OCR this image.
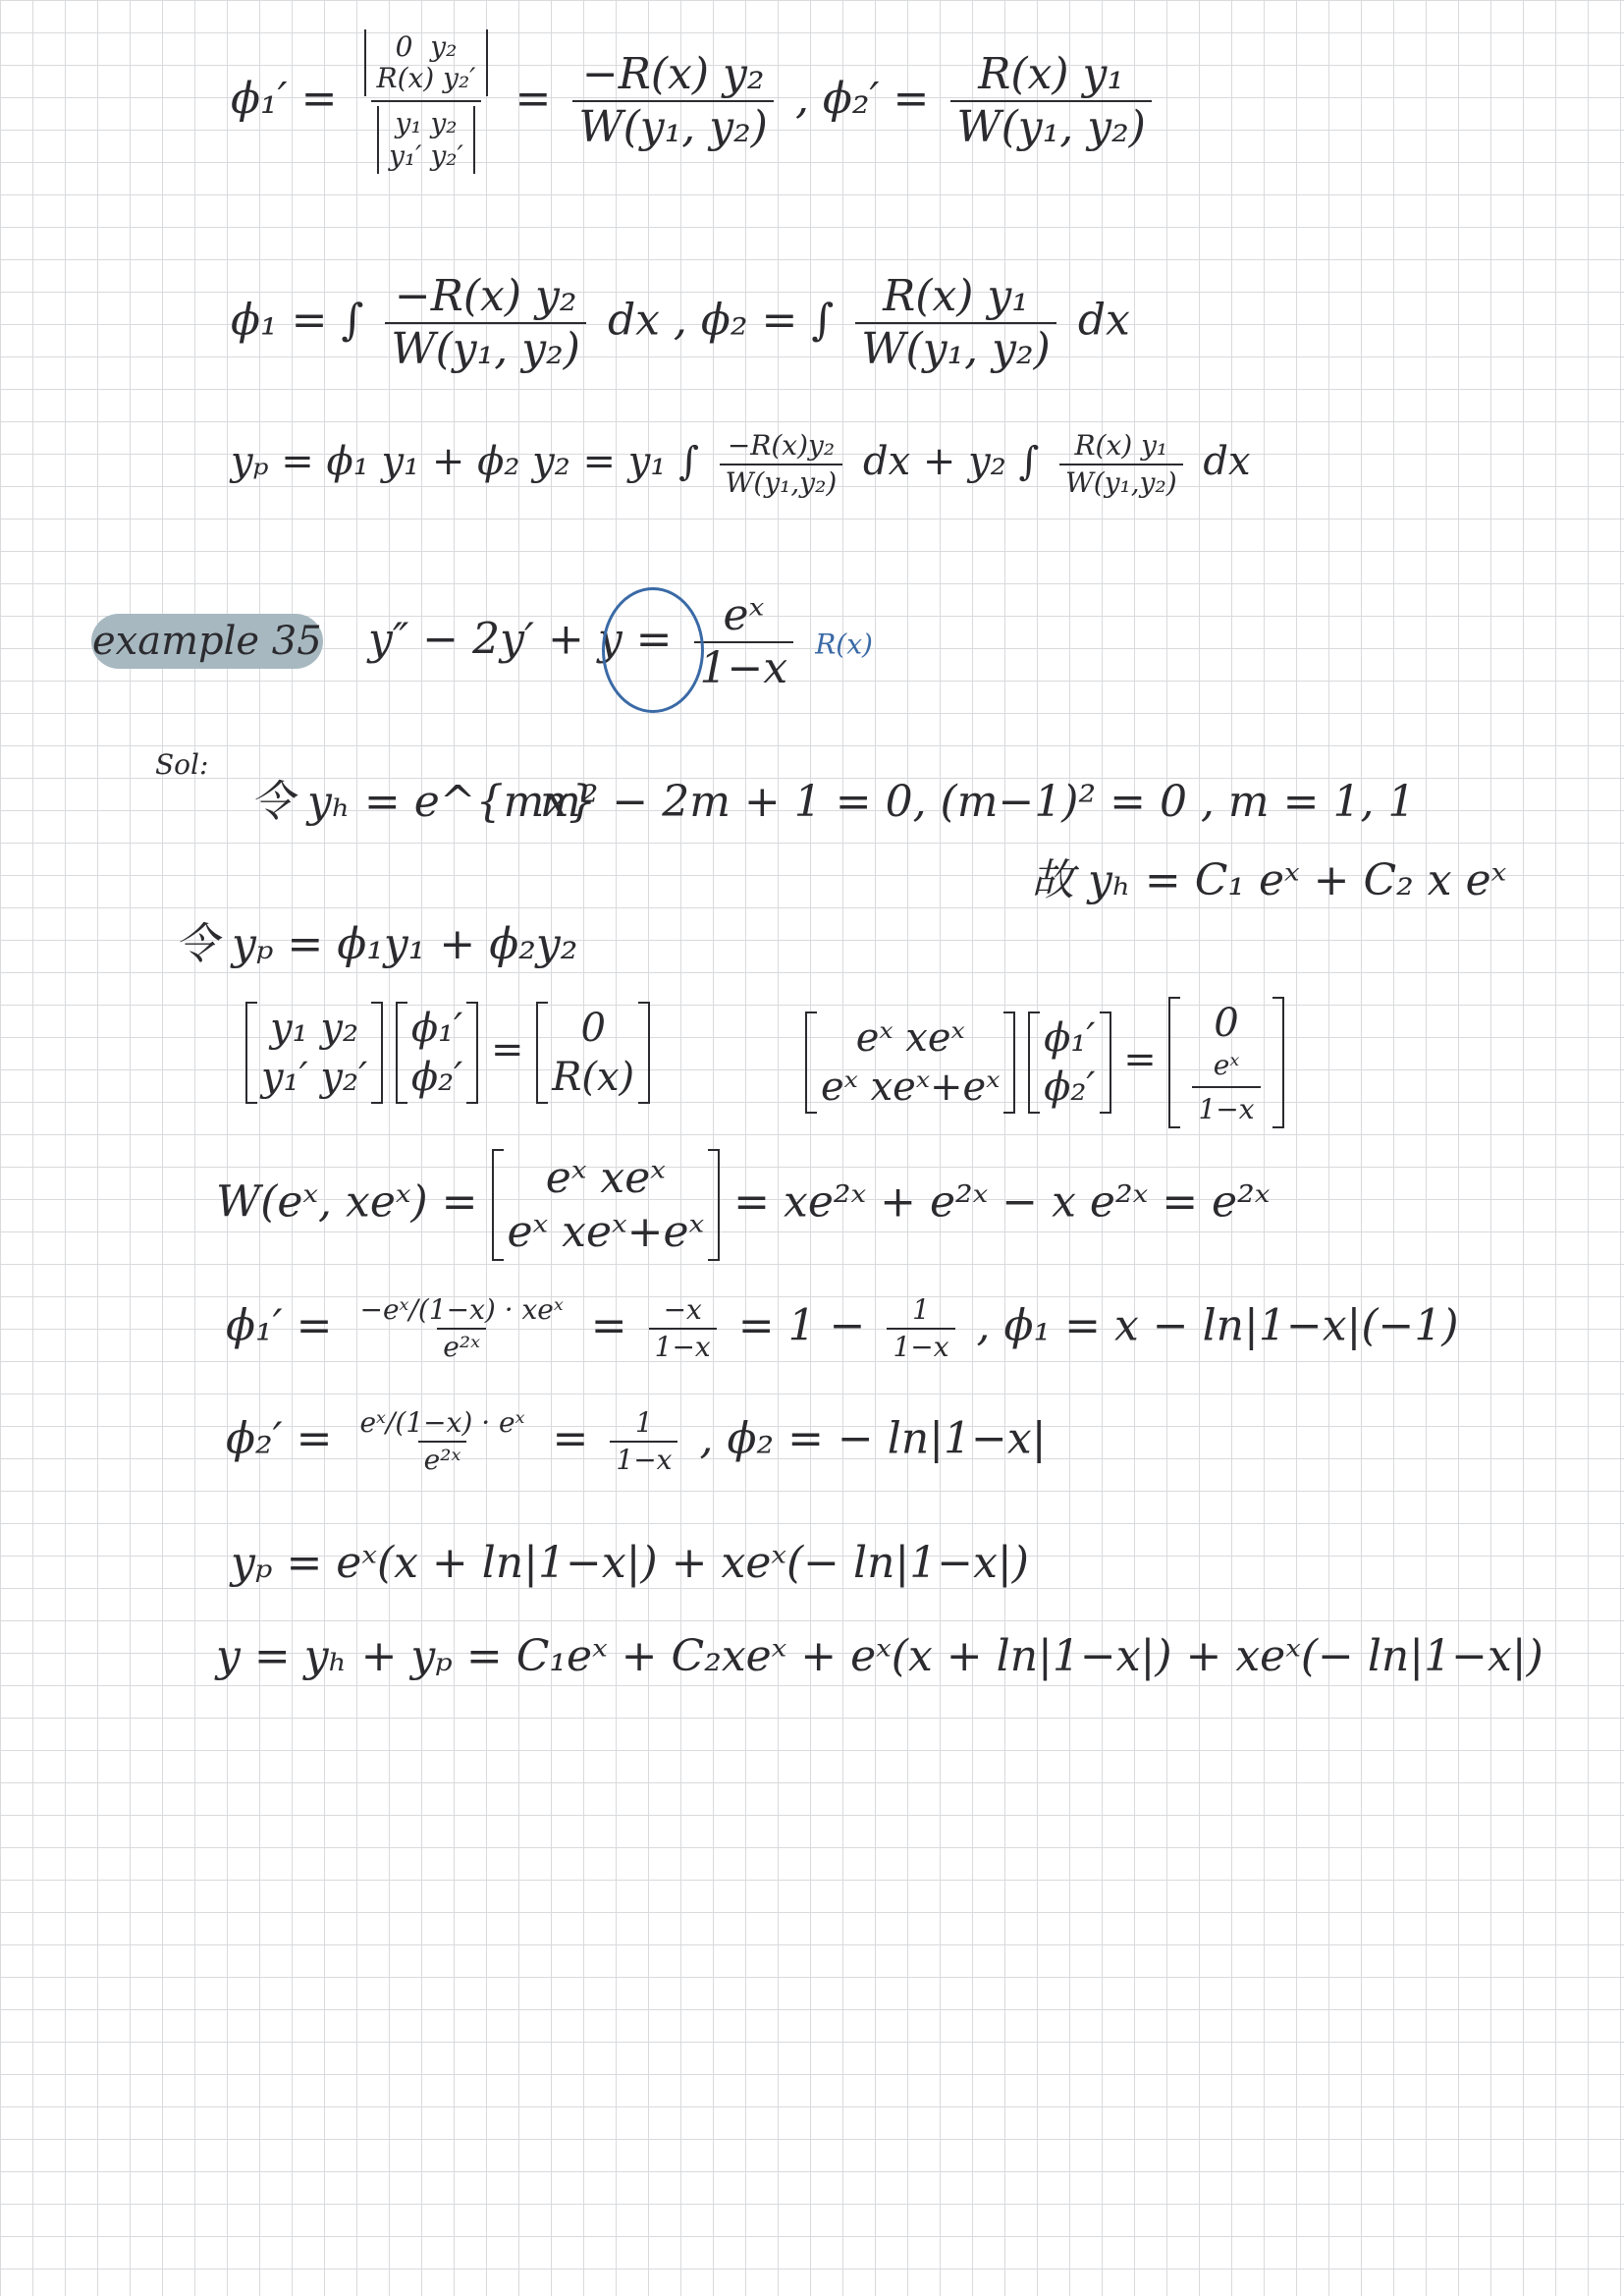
ϕ₁′ =
0 y₂
R(x) y₂′
y₁ y₂
y₁′ y₂′
= $\frac{\text{−R(x) y₂}}{\text{W(y₁, y₂)}}$ , $\phi_2' = \frac{\text{R(x) y₁}}{\text{W(y₁, y₂)}}$
ϕ₁ = ∫ $\frac{\text{−R(x) y₂}}{\text{W(y₁, y₂)}}$ dx , ϕ₂ = ∫ $\frac{\text{R(x) y₁}}{\text{W(y₁, y₂)}}$ dx
yₚ = ϕ₁ y₁ + ϕ₂ y₂ = y₁ ∫ $\frac{\text{−R(x)y₂}}{\text{W(y₁,y₂)}}$ dx + y₂ ∫ $\frac{\text{R(x) y₁}}{\text{W(y₁,y₂)}}$ dx
example 35 $y'' - 2y' + y = \frac{\text{eˣ}}{1-x} R(x)$
Sol:
令 yₕ = e^{mx}
m² − 2m + 1 = 0, (m−1)² = 0 , m = 1, 1
故 yₕ = C₁ eˣ + C₂ x eˣ
令 yₚ = ϕ₁y₁ + ϕ₂y₂
y₁ y₂
y₁′ y₂′ ϕ₁′
ϕ₂′ = 0
R(x)
eˣ xeˣ
eˣ xeˣ+eˣ ϕ₁′
ϕ₂′ = 0

$\frac{\text{eˣ}}{1-x}$
W(eˣ, xeˣ) = eˣ xeˣ
eˣ xeˣ+eˣ = xe²ˣ + e²ˣ − x e²ˣ = e²ˣ
$\phi_1' = \frac{\text{−eˣ/(1−x) · xeˣ}}{\text{e²ˣ}} = \frac{-x}{1-x} = 1 - \frac{1}{1-x}$ , ϕ₁ = x − ln|1−x|(−1)
$\phi_2' = \frac{\text{eˣ/(1−x) · eˣ}}{\text{e²ˣ}} = \frac{1}{1-x}$ , ϕ₂ = − ln|1−x|
yₚ = eˣ(x + ln|1−x|) + xeˣ(− ln|1−x|)
y = yₕ + yₚ = C₁eˣ + C₂xeˣ + eˣ(x + ln|1−x|) + xeˣ(− ln|1−x|)
